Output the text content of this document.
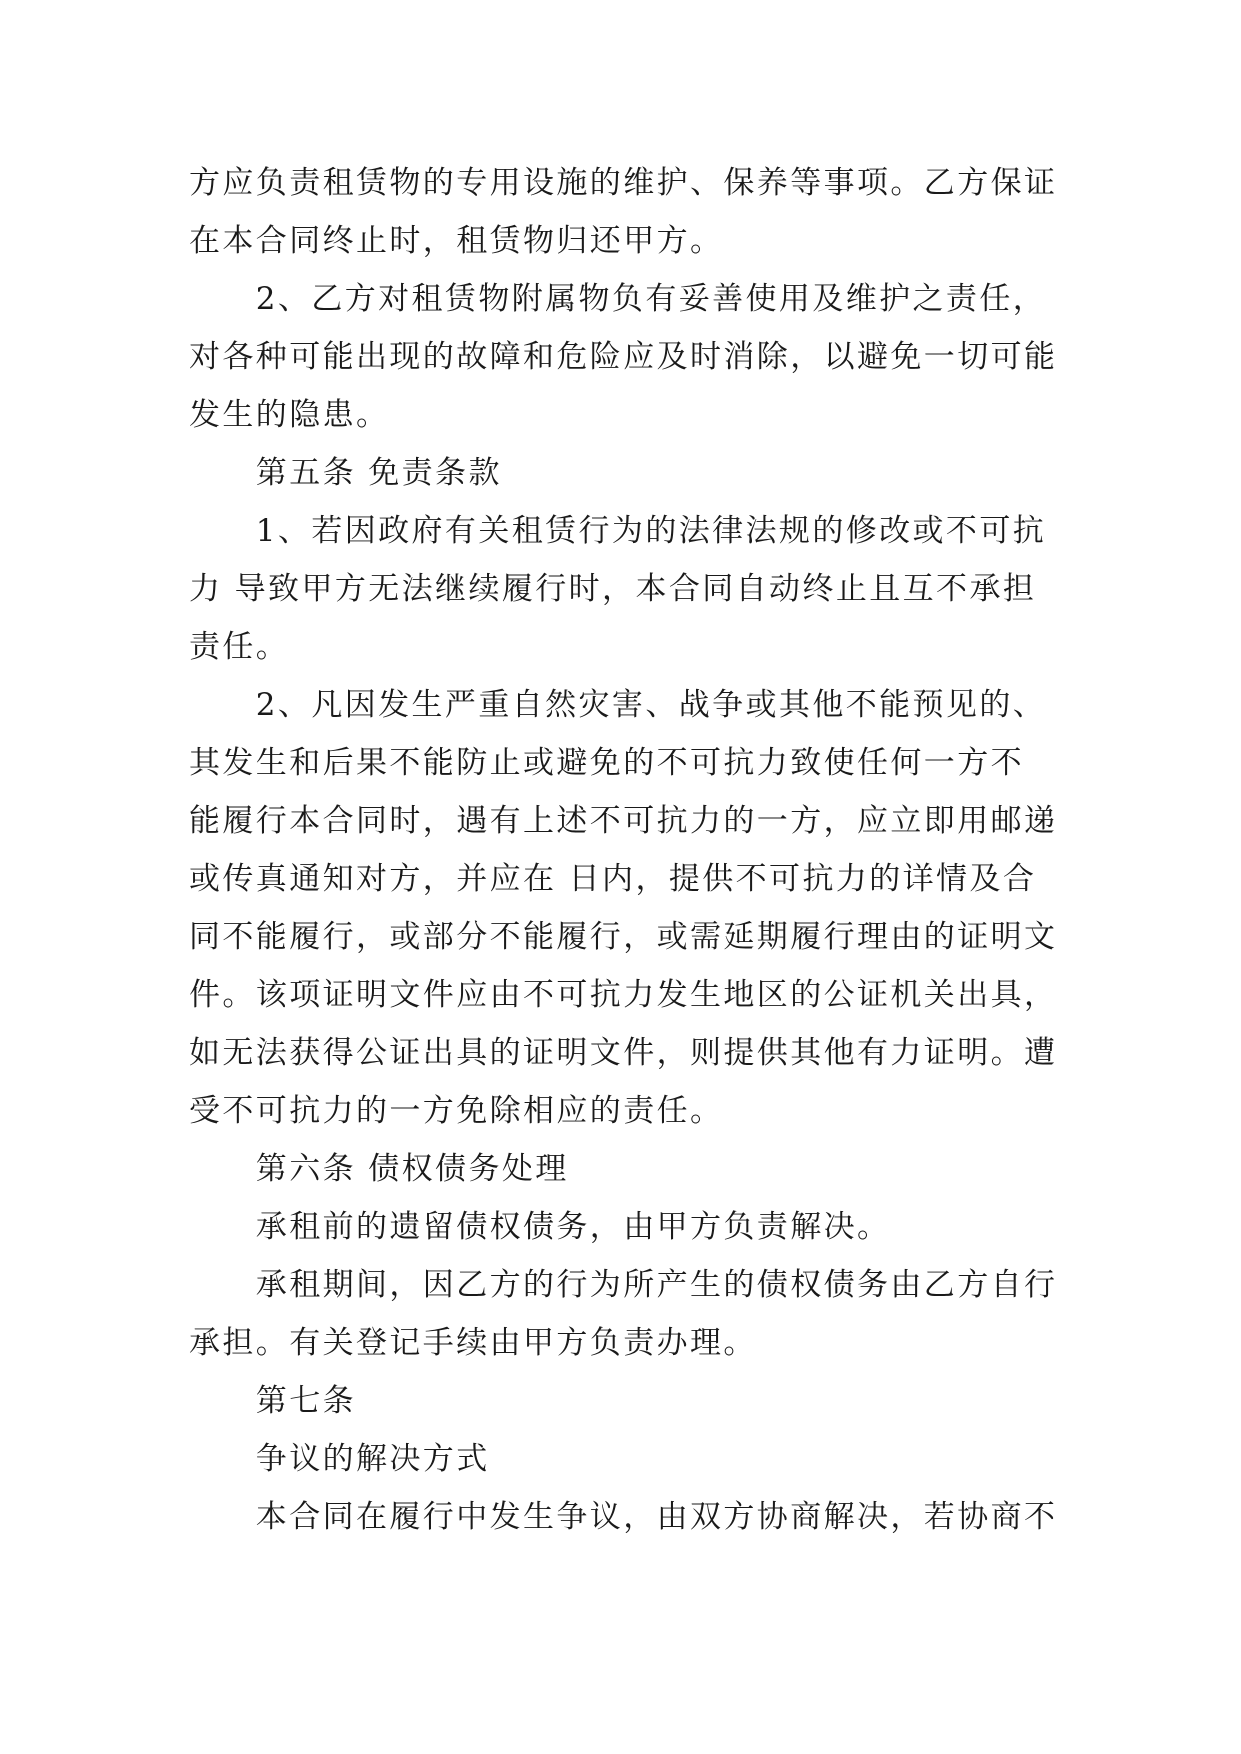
方应负责租赁物的专用设施的维护、保养等事项。乙方保证

在本合同终止时，租赁物归还甲方。

　　2、乙方对租赁物附属物负有妥善使用及维护之责任，

对各种可能出现的故障和危险应及时消除，以避免一切可能

发生的隐患。

　　第五条 免责条款

　　1、若因政府有关租赁行为的法律法规的修改或不可抗

力 导致甲方无法继续履行时，本合同自动终止且互不承担

责任。

　　2、凡因发生严重自然灾害、战争或其他不能预见的、

其发生和后果不能防止或避免的不可抗力致使任何一方不

能履行本合同时，遇有上述不可抗力的一方，应立即用邮递

或传真通知对方，并应在 日内，提供不可抗力的详情及合

同不能履行，或部分不能履行，或需延期履行理由的证明文

件。该项证明文件应由不可抗力发生地区的公证机关出具，

如无法获得公证出具的证明文件，则提供其他有力证明。遭

受不可抗力的一方免除相应的责任。

　　第六条 债权债务处理

　　承租前的遗留债权债务，由甲方负责解决。

　　承租期间，因乙方的行为所产生的债权债务由乙方自行

承担。有关登记手续由甲方负责办理。

　　第七条

　　争议的解决方式

　　本合同在履行中发生争议，由双方协商解决，若协商不
